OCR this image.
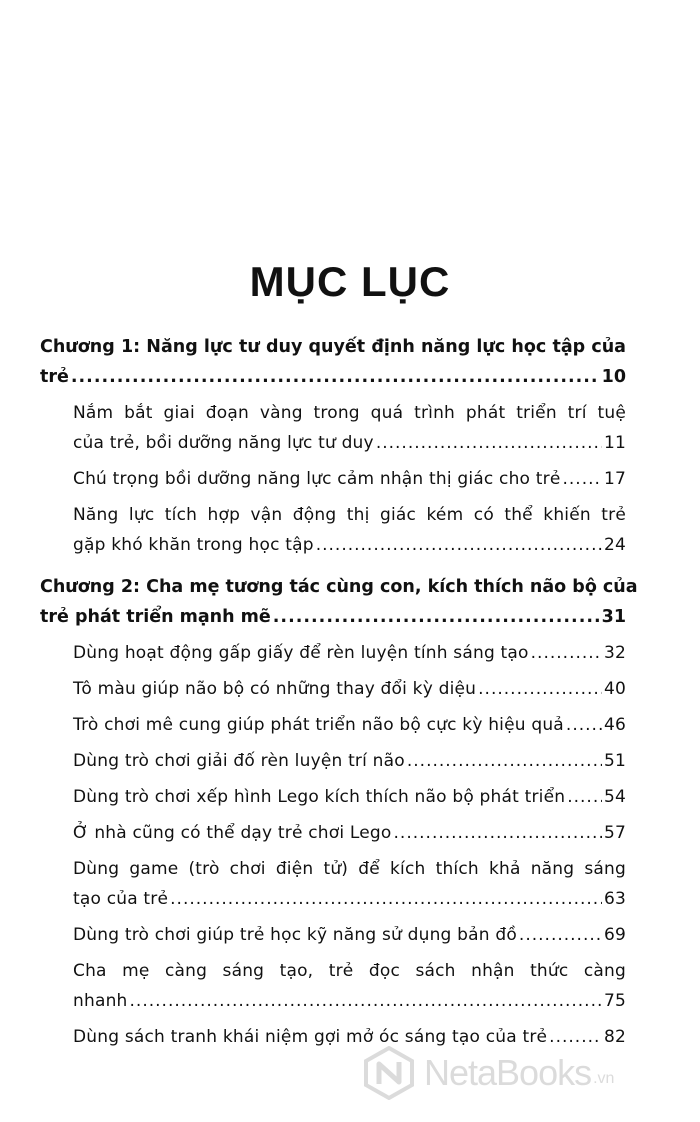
MỤC LỤC
Chương 1: Năng lực tư duy quyết định năng lực học tập của
trẻ .....	10
Nắm bắt giai đoạn vàng trong quá trình phát triển trí tuệ
của trẻ, bồi dưỡng năng lực tư duy .....	11
Chú trọng bồi dưỡng năng lực cảm nhận thị giác cho trẻ .....	17
Năng lực tích hợp vận động thị giác kém có thể khiến trẻ
gặp khó khăn trong học tập .....	24
Chương 2: Cha mẹ tương tác cùng con, kích thích não bộ của
trẻ phát triển mạnh mẽ .....	31
Dùng hoạt động gấp giấy để rèn luyện tính sáng tạo .....	32
Tô màu giúp não bộ có những thay đổi kỳ diệu .....	40
Trò chơi mê cung giúp phát triển não bộ cực kỳ hiệu quả ..... 46
Dùng trò chơi giải đố rèn luyện trí não .....	51
Dùng trò chơi xếp hình Lego kích thích não bộ phát triển ..... 54
Ở nhà cũng có thể dạy trẻ chơi Lego .....	57
Dùng game (trò chơi điện tử) để kích thích khả năng sáng
tạo của trẻ .....	63
Dùng trò chơi giúp trẻ học kỹ năng sử dụng bản đồ .....	69
Cha mẹ càng sáng tạo, trẻ đọc sách nhận thức càng
nhanh .....	75
Dùng sách tranh khái niệm gợi mở óc sáng tạo của trẻ .....	82
NetaBooks .vn
